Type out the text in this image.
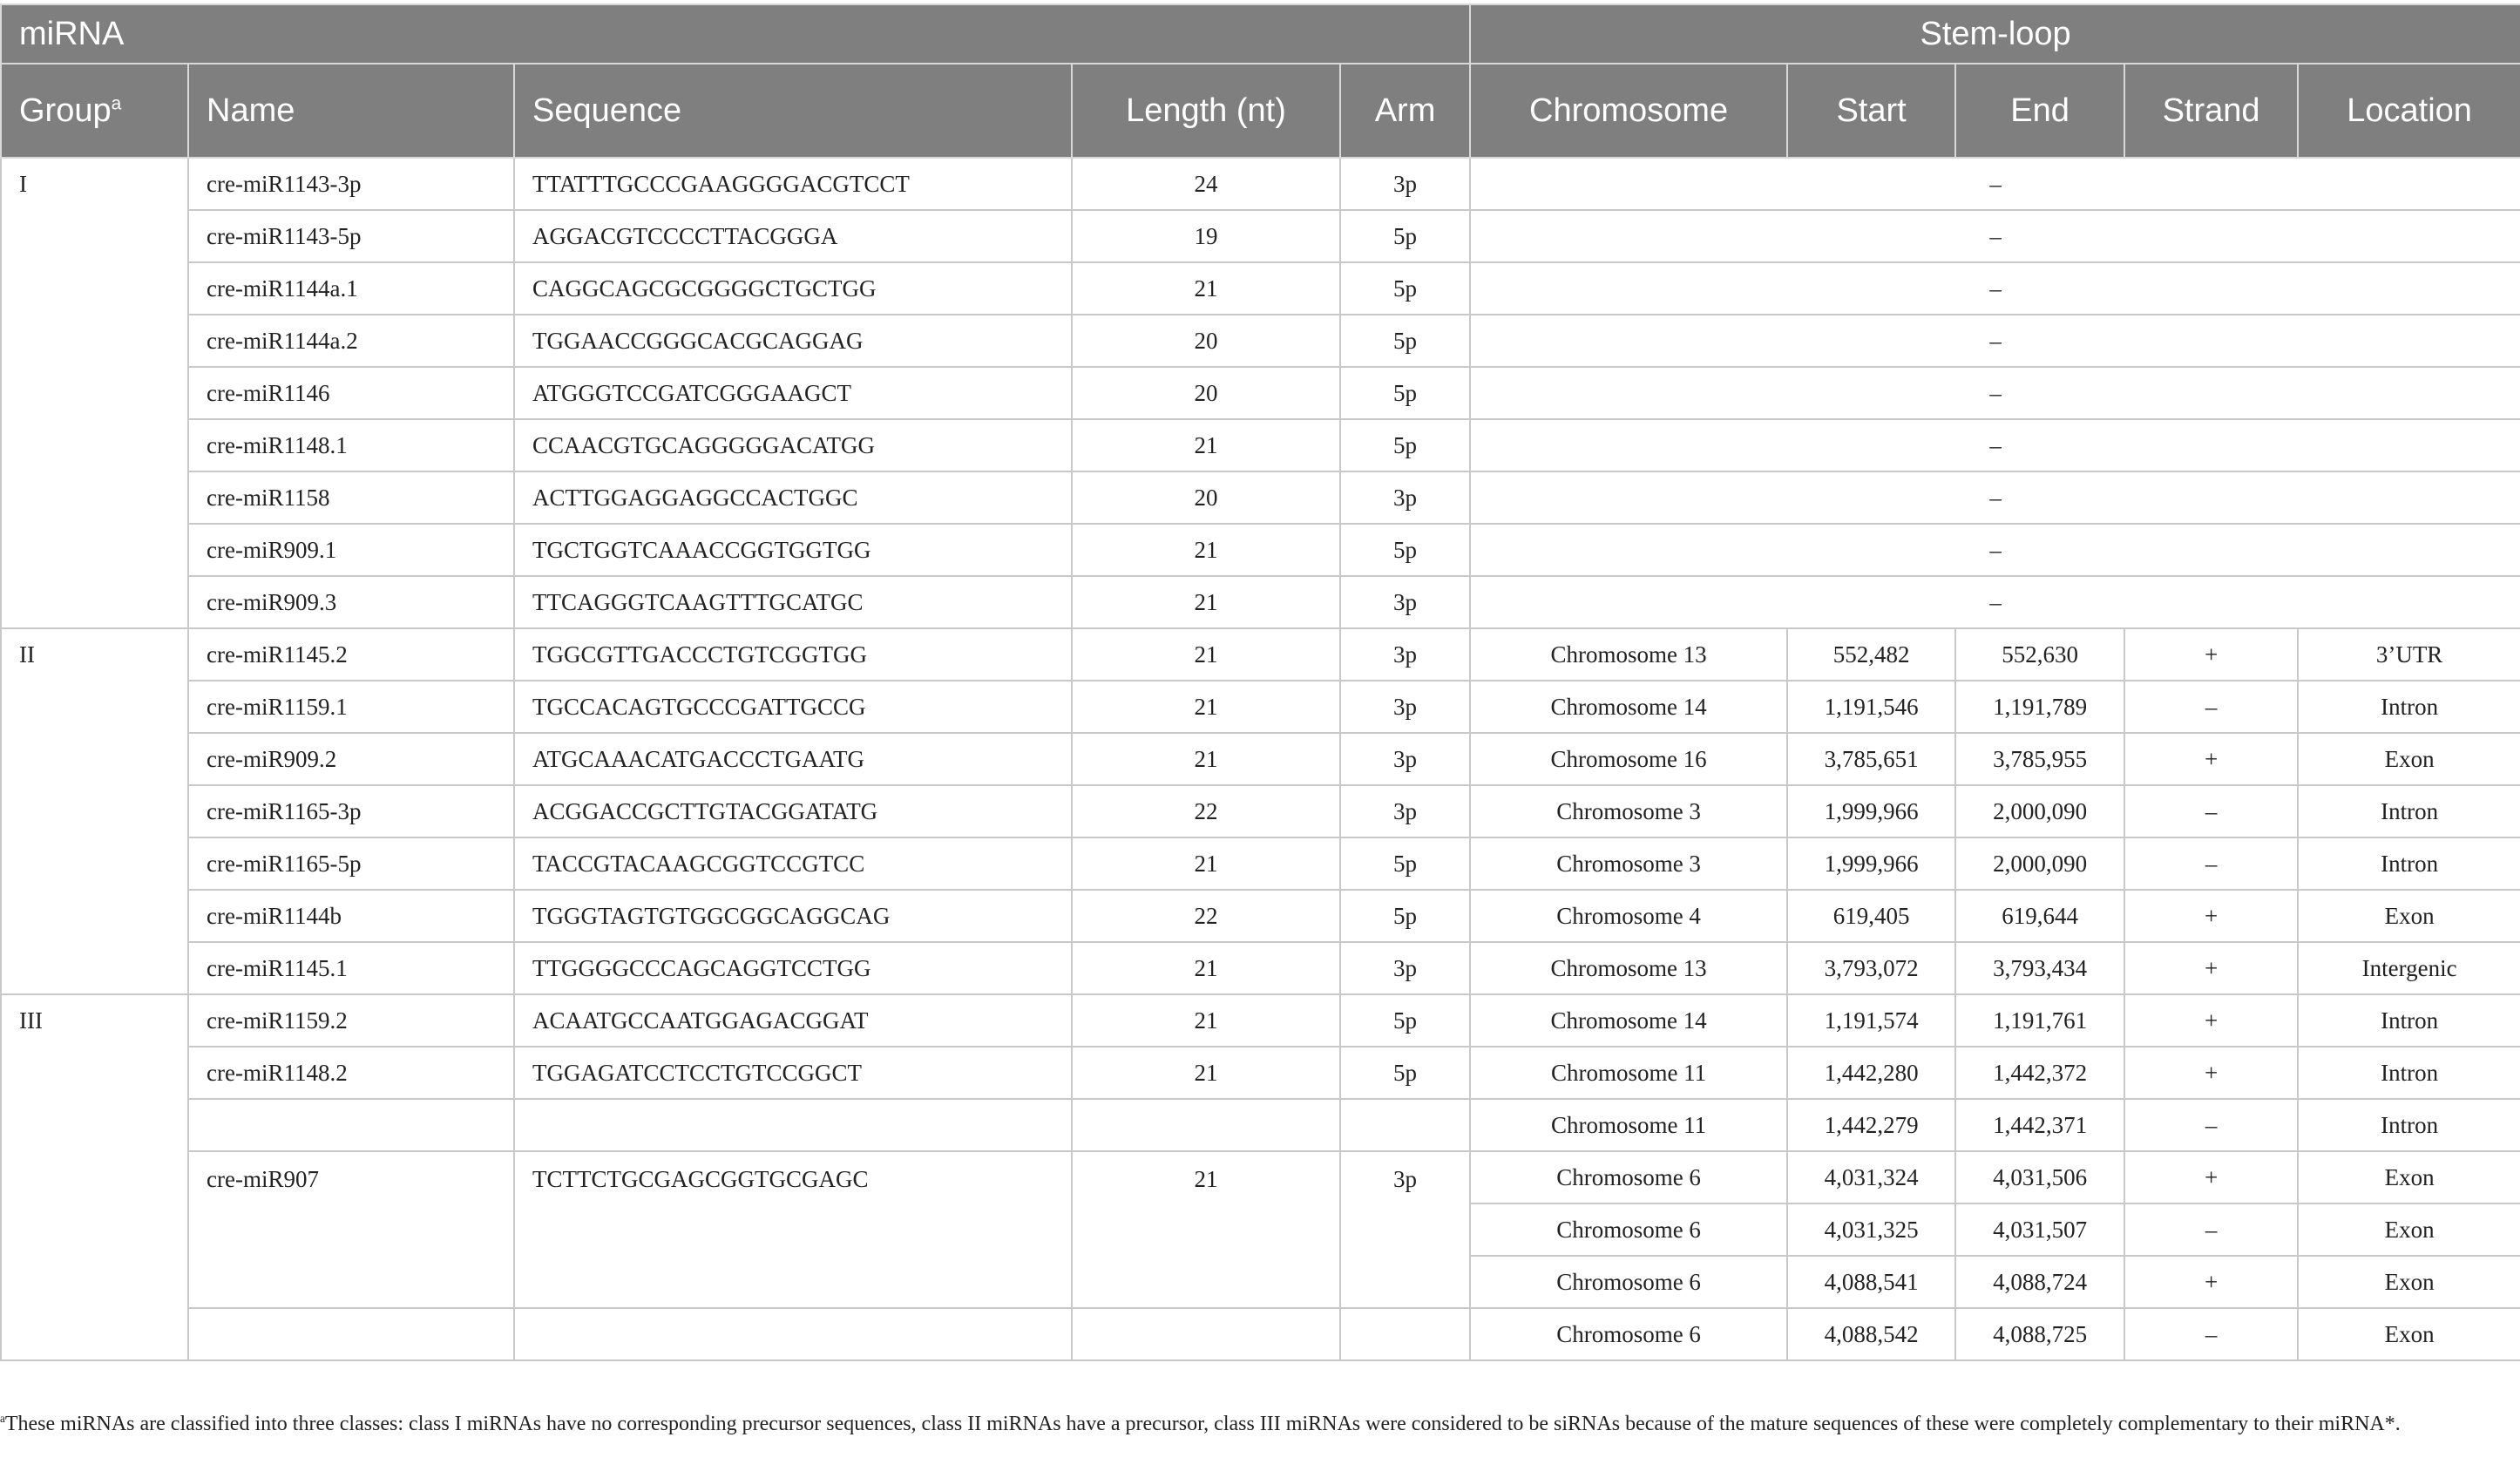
miRNA					Stem-loop				
Group$^a$	Name	Sequence	Length (nt)	Arm	Chromosome	Start	End	Strand	Location
I	cre-miR1143-3p	TTATTTGCCCGAAGGGGACGTCCT	24	3p	–				
	cre-miR1143-5p	AGGACGTCCCCTTACGGGA	19	5p	–				
	cre-miR1144a.1	CAGGCAGCGCGGGGCTGCTGG	21	5p	–				
	cre-miR1144a.2	TGGAACCGGGCACGCAGGAG	20	5p	–				
	cre-miR1146	ATGGGTCCGATCGGGAAGCT	20	5p	–				
	cre-miR1148.1	CCAACGTGCAGGGGGACATGG	21	5p	–				
	cre-miR1158	ACTTGGAGGAGGCCACTGGC	20	3p	–				
	cre-miR909.1	TGCTGGTCAAACCGGTGGTGG	21	5p	–				
	cre-miR909.3	TTCAGGGTCAAGTTTGCATGC	21	3p	–				
II	cre-miR1145.2	TGGCGTTGACCCTGTCGGTGG	21	3p	Chromosome 13	552,482	552,630	+	3’UTR
	cre-miR1159.1	TGCCACAGTGCCCGATTGCCG	21	3p	Chromosome 14	1,191,546	1,191,789	–	Intron
	cre-miR909.2	ATGCAAACATGACCCTGAATG	21	3p	Chromosome 16	3,785,651	3,785,955	+	Exon
	cre-miR1165-3p	ACGGACCGCTTGTACGGATATG	22	3p	Chromosome 3	1,999,966	2,000,090	–	Intron
	cre-miR1165-5p	TACCGTACAAGCGGTCCGTCC	21	5p	Chromosome 3	1,999,966	2,000,090	–	Intron
	cre-miR1144b	TGGGTAGTGTGGCGGCAGGCAG	22	5p	Chromosome 4	619,405	619,644	+	Exon
	cre-miR1145.1	TTGGGGCCCAGCAGGTCCTGG	21	3p	Chromosome 13	3,793,072	3,793,434	+	Intergenic
III	cre-miR1159.2	ACAATGCCAATGGAGACGGAT	21	5p	Chromosome 14	1,191,574	1,191,761	+	Intron
	cre-miR1148.2	TGGAGATCCTCCTGTCCGGCT	21	5p	Chromosome 11	1,442,280	1,442,372	+	Intron
					Chromosome 11	1,442,279	1,442,371	–	Intron
	cre-miR907	TCTTCTGCGAGCGGTGCGAGC	21	3p	Chromosome 6	4,031,324	4,031,506	+	Exon
					Chromosome 6	4,031,325	4,031,507	–	Exon
					Chromosome 6	4,088,541	4,088,724	+	Exon
					Chromosome 6	4,088,542	4,088,725	–	Exon
$^a$These miRNAs are classified into three classes: class I miRNAs have no corresponding precursor sequences, class II miRNAs have a precursor, class III miRNAs were considered to be siRNAs because of the mature sequences of these were completely complementary to their miRNA*.
